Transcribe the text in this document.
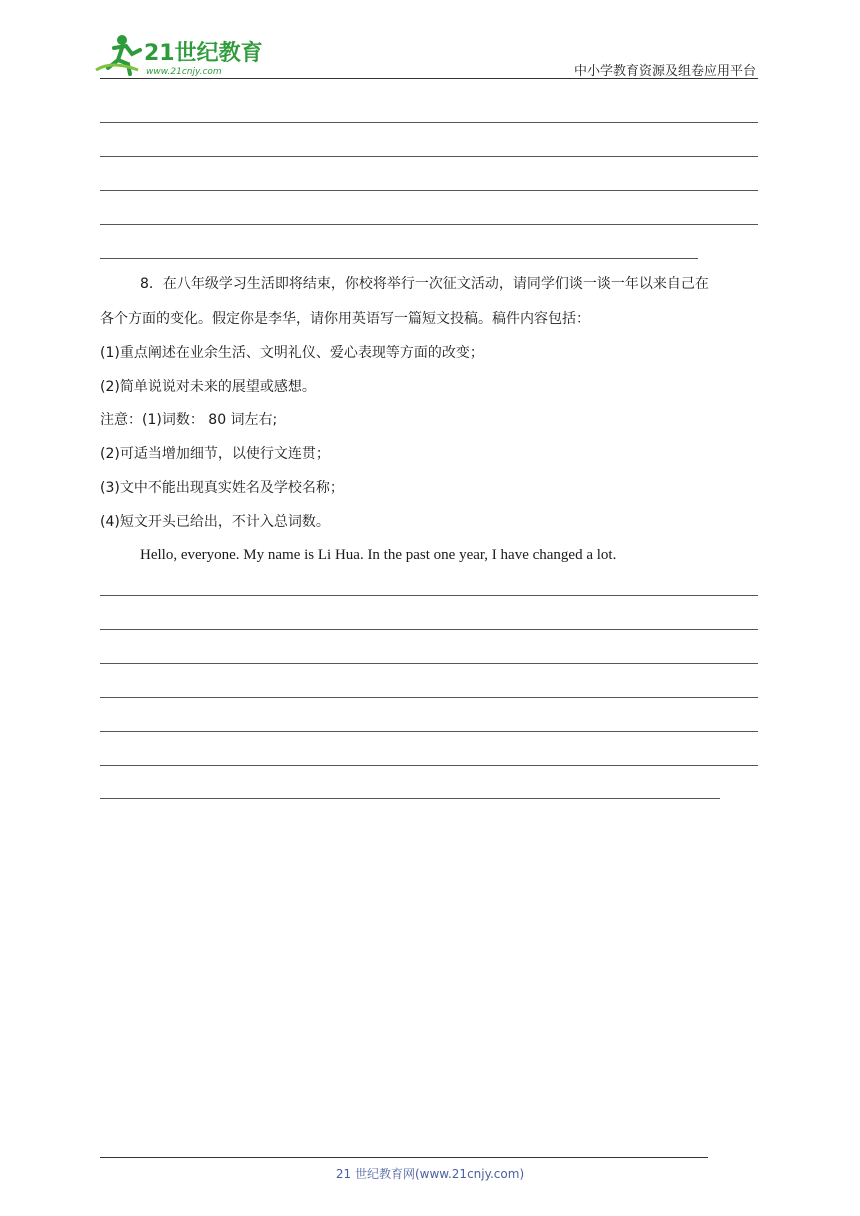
21世纪教育
www.21cnjy.com	中小学教育资源及组卷应用平台
8．在八年级学习生活即将结束，你校将举行一次征文活动，请同学们谈一谈一年以来自己在
各个方面的变化。假定你是李华，请你用英语写一篇短文投稿。稿件内容包括：
(1)重点阐述在业余生活、文明礼仪、爱心表现等方面的改变；
(2)简单说说对未来的展望或感想。
注意：(1)词数： 80 词左右;
(2)可适当增加细节，以使行文连贯；
(3)文中不能出现真实姓名及学校名称；
(4)短文开头已给出，不计入总词数。
Hello, everyone. My name is Li Hua. In the past one year, I have changed a lot.
21 世纪教育网(www.21cnjy.com)
